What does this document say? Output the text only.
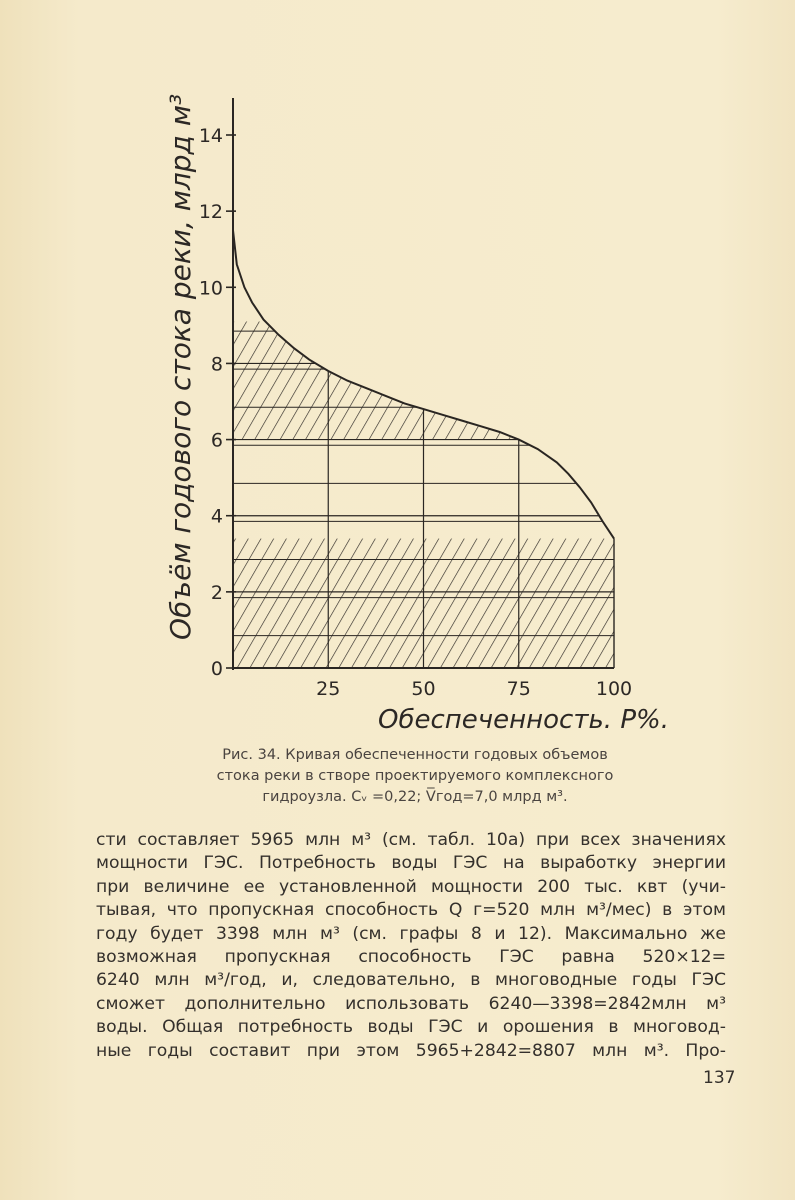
0
2
4
6
8
10
12
14
25	50	75	100
Объём годового стока реки, млрд м³
Обеспеченность. Р%.
Рис. 34. Кривая обеспеченности годовых объемов
стока реки в створе проектируемого комплексного
гидроузла. Cᵥ =0,22; V̅год=7,0 млрд м³.
сти составляет 5965 млн м³ (см. табл. 10а) при всех значениях
мощности ГЭС. Потребность воды ГЭС на выработку энергии
при величине ее установленной мощности 200 тыс. квт (учи-
тывая, что пропускная способность Q г=520 млн м³/мес) в этом
году будет 3398 млн м³ (см. графы 8 и 12). Максимально же
возможная пропускная способность ГЭС равна 520×12=
6240 млн м³/год, и, следовательно, в многоводные годы ГЭС
сможет дополнительно использовать 6240—3398=2842млн м³
воды. Общая потребность воды ГЭС и орошения в многовод-
ные годы составит при этом 5965+2842=8807 млн м³. Про-
137
